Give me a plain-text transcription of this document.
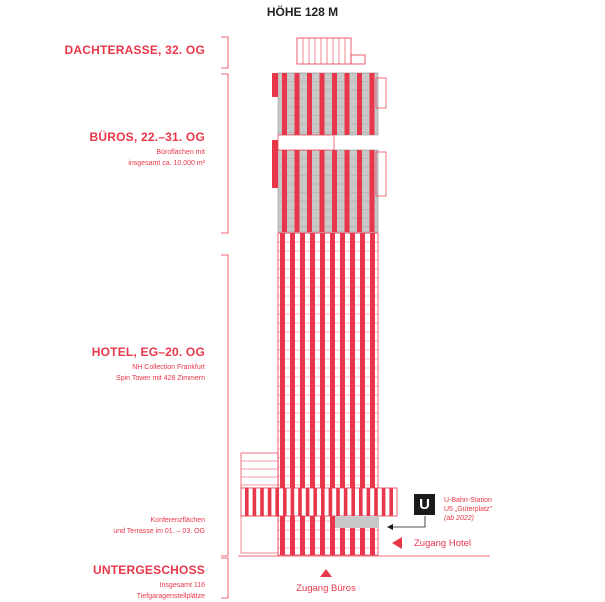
HÖHE 128 M
DACHTERASSE, 32. OG
BÜROS, 22.–31. OG
Büroflächen mit
insgesamt ca. 10.000 m²
HOTEL, EG–20. OG
NH Collection Frankfurt
Spin Tower mit 428 Zimmern
Konferenzflächen
und Terrasse im 01. – 03. OG
UNTERGESCHOSS
Insgesamt 116
Tiefgaragenstellplätze
U	U-Bahn-Station
U5 „Güterplatz"
(ab 2022)
Zugang Hotel
Zugang Büros
